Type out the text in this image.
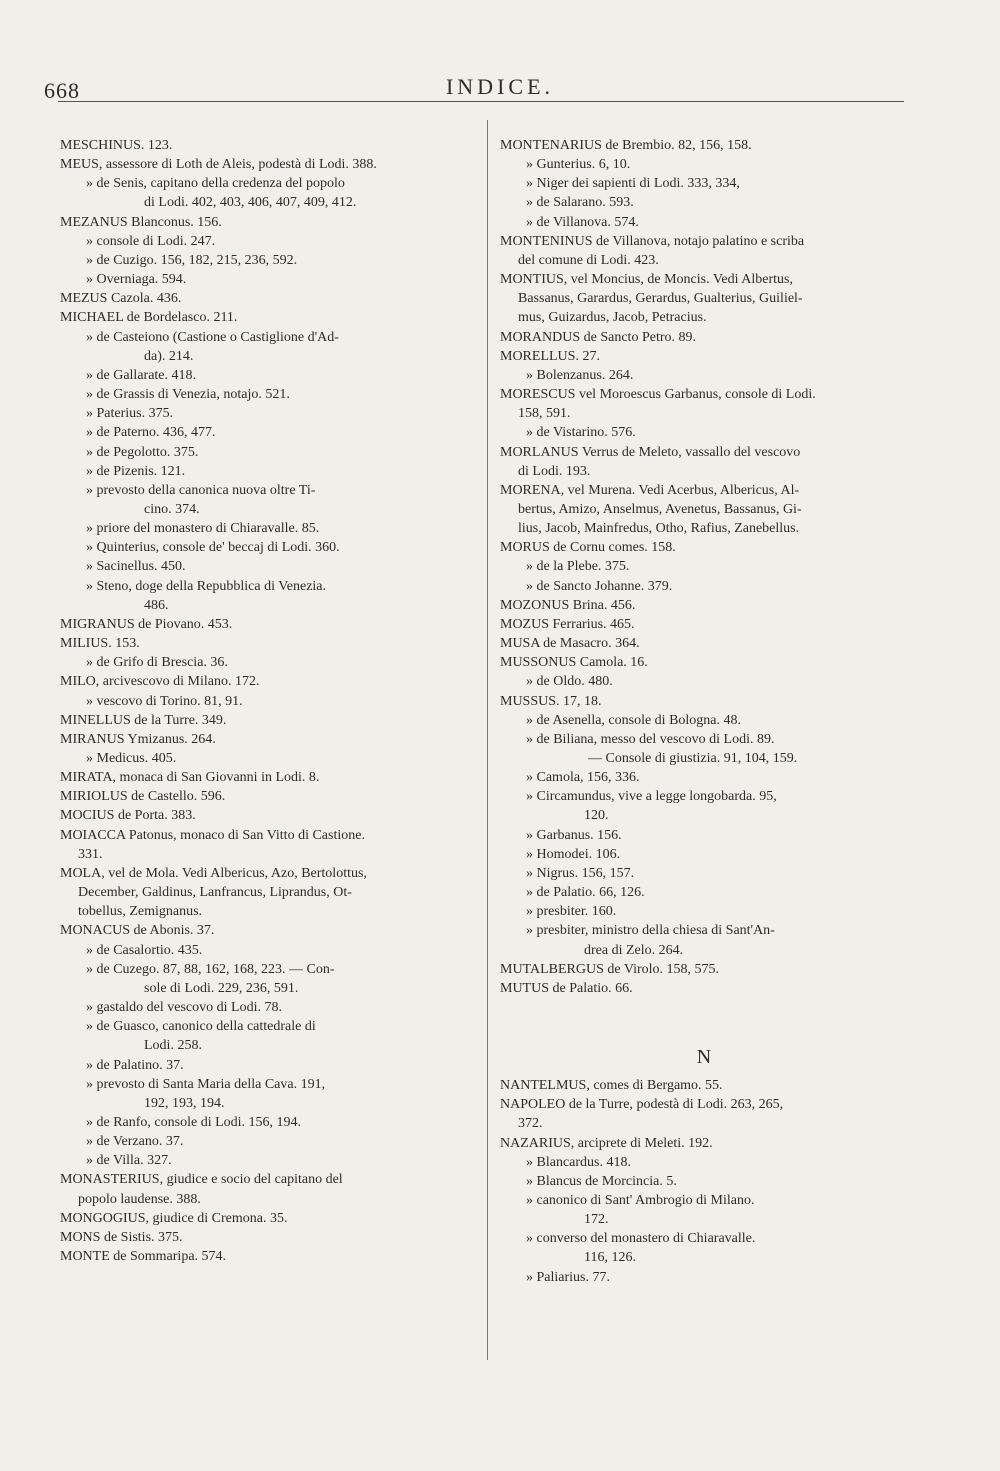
668	INDICE.
MESCHINUS. 123.
MEUS, assessore di Loth de Aleis, podestà di Lodi. 388.
» de Senis, capitano della credenza del popolo
di Lodi. 402, 403, 406, 407, 409, 412.
MEZANUS Blanconus. 156.
» console di Lodi. 247.
» de Cuzigo. 156, 182, 215, 236, 592.
» Overniaga. 594.
MEZUS Cazola. 436.
MICHAEL de Bordelasco. 211.
» de Casteiono (Castione o Castiglione d'Ad-
da). 214.
» de Gallarate. 418.
» de Grassis di Venezia, notajo. 521.
» Paterius. 375.
» de Paterno. 436, 477.
» de Pegolotto. 375.
» de Pizenis. 121.
» prevosto della canonica nuova oltre Ti-
cino. 374.
» priore del monastero di Chiaravalle. 85.
» Quinterius, console de' beccaj di Lodi. 360.
» Sacinellus. 450.
» Steno, doge della Repubblica di Venezia.
486.
MIGRANUS de Piovano. 453.
MILIUS. 153.
» de Grifo di Brescia. 36.
MILO, arcivescovo di Milano. 172.
» vescovo di Torino. 81, 91.
MINELLUS de la Turre. 349.
MIRANUS Ymizanus. 264.
» Medicus. 405.
MIRATA, monaca di San Giovanni in Lodi. 8.
MIRIOLUS de Castello. 596.
MOCIUS de Porta. 383.
MOIACCA Patonus, monaco di San Vitto di Castione.
331.
MOLA, vel de Mola. Vedi Albericus, Azo, Bertolottus,
December, Galdinus, Lanfrancus, Liprandus, Ot-
tobellus, Zemignanus.
MONACUS de Abonis. 37.
» de Casalortio. 435.
» de Cuzego. 87, 88, 162, 168, 223. — Con-
sole di Lodi. 229, 236, 591.
» gastaldo del vescovo di Lodi. 78.
» de Guasco, canonico della cattedrale di
Lodi. 258.
» de Palatino. 37.
» prevosto di Santa Maria della Cava. 191,
192, 193, 194.
» de Ranfo, console di Lodi. 156, 194.
» de Verzano. 37.
» de Villa. 327.
MONASTERIUS, giudice e socio del capitano del
popolo laudense. 388.
MONGOGIUS, giudice di Cremona. 35.
MONS de Sistis. 375.
MONTE de Sommaripa. 574.
MONTENARIUS de Brembio. 82, 156, 158.
» Gunterius. 6, 10.
» Niger dei sapienti di Lodi. 333, 334,
» de Salarano. 593.
» de Villanova. 574.
MONTENINUS de Villanova, notajo palatino e scriba
del comune di Lodi. 423.
MONTIUS, vel Moncius, de Moncis. Vedi Albertus,
Bassanus, Garardus, Gerardus, Gualterius, Guiliel-
mus, Guizardus, Jacob, Petracius.
MORANDUS de Sancto Petro. 89.
MORELLUS. 27.
» Bolenzanus. 264.
MORESCUS vel Moroescus Garbanus, console di Lodi.
158, 591.
» de Vistarino. 576.
MORLANUS Verrus de Meleto, vassallo del vescovo
di Lodi. 193.
MORENA, vel Murena. Vedi Acerbus, Albericus, Al-
bertus, Amizo, Anselmus, Avenetus, Bassanus, Gi-
lius, Jacob, Mainfredus, Otho, Rafius, Zanebellus.
MORUS de Cornu comes. 158.
» de la Plebe. 375.
» de Sancto Johanne. 379.
MOZONUS Brina. 456.
MOZUS Ferrarius. 465.
MUSA de Masacro. 364.
MUSSONUS Camola. 16.
» de Oldo. 480.
MUSSUS. 17, 18.
» de Asenella, console di Bologna. 48.
» de Biliana, messo del vescovo di Lodi. 89.
— Console di giustizia. 91, 104, 159.
» Camola, 156, 336.
» Circamundus, vive a legge longobarda. 95,
120.
» Garbanus. 156.
» Homodei. 106.
» Nigrus. 156, 157.
» de Palatio. 66, 126.
» presbiter. 160.
» presbiter, ministro della chiesa di Sant'An-
drea di Zelo. 264.
MUTALBERGUS de Virolo. 158, 575.
MUTUS de Palatio. 66.
N
NANTELMUS, comes di Bergamo. 55.
NAPOLEO de la Turre, podestà di Lodi. 263, 265,
372.
NAZARIUS, arciprete di Meleti. 192.
» Blancardus. 418.
» Blancus de Morcincia. 5.
» canonico di Sant' Ambrogio di Milano.
172.
» converso del monastero di Chiaravalle.
116, 126.
» Paliarius. 77.
